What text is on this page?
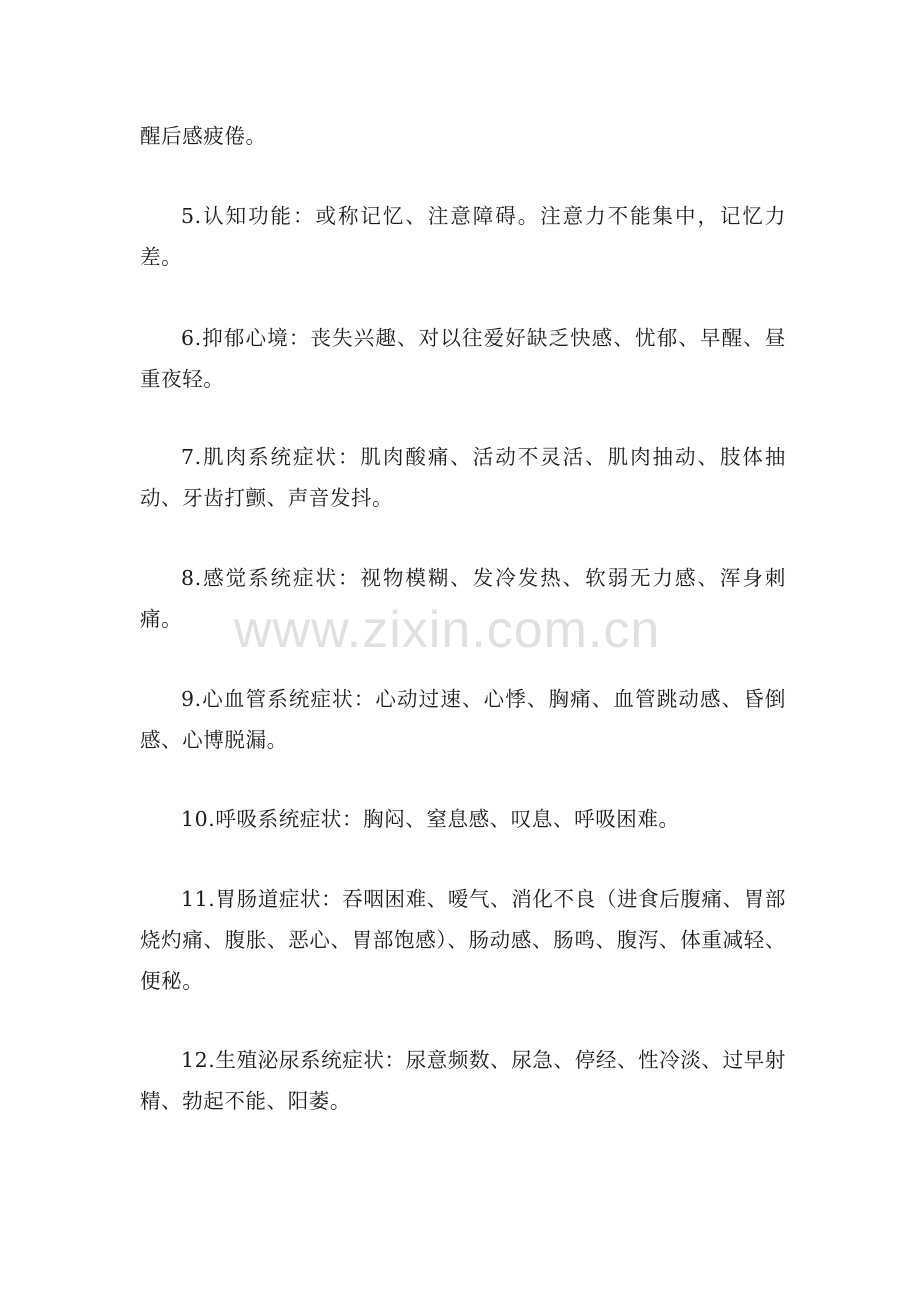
醒后感疲倦。

5.认知功能：或称记忆、注意障碍。注意力不能集中，记忆力差。

6.抑郁心境：丧失兴趣、对以往爱好缺乏快感、忧郁、早醒、昼重夜轻。

7.肌肉系统症状：肌肉酸痛、活动不灵活、肌肉抽动、肢体抽动、牙齿打颤、声音发抖。

8.感觉系统症状：视物模糊、发冷发热、软弱无力感、浑身刺痛。

9.心血管系统症状：心动过速、心悸、胸痛、血管跳动感、昏倒感、心博脱漏。

10.呼吸系统症状：胸闷、窒息感、叹息、呼吸困难。

11.胃肠道症状：吞咽困难、嗳气、消化不良（进食后腹痛、胃部烧灼痛、腹胀、恶心、胃部饱感）、肠动感、肠鸣、腹泻、体重减轻、便秘。

12.生殖泌尿系统症状：尿意频数、尿急、停经、性冷淡、过早射精、勃起不能、阳萎。

www.zixin.com.cn
